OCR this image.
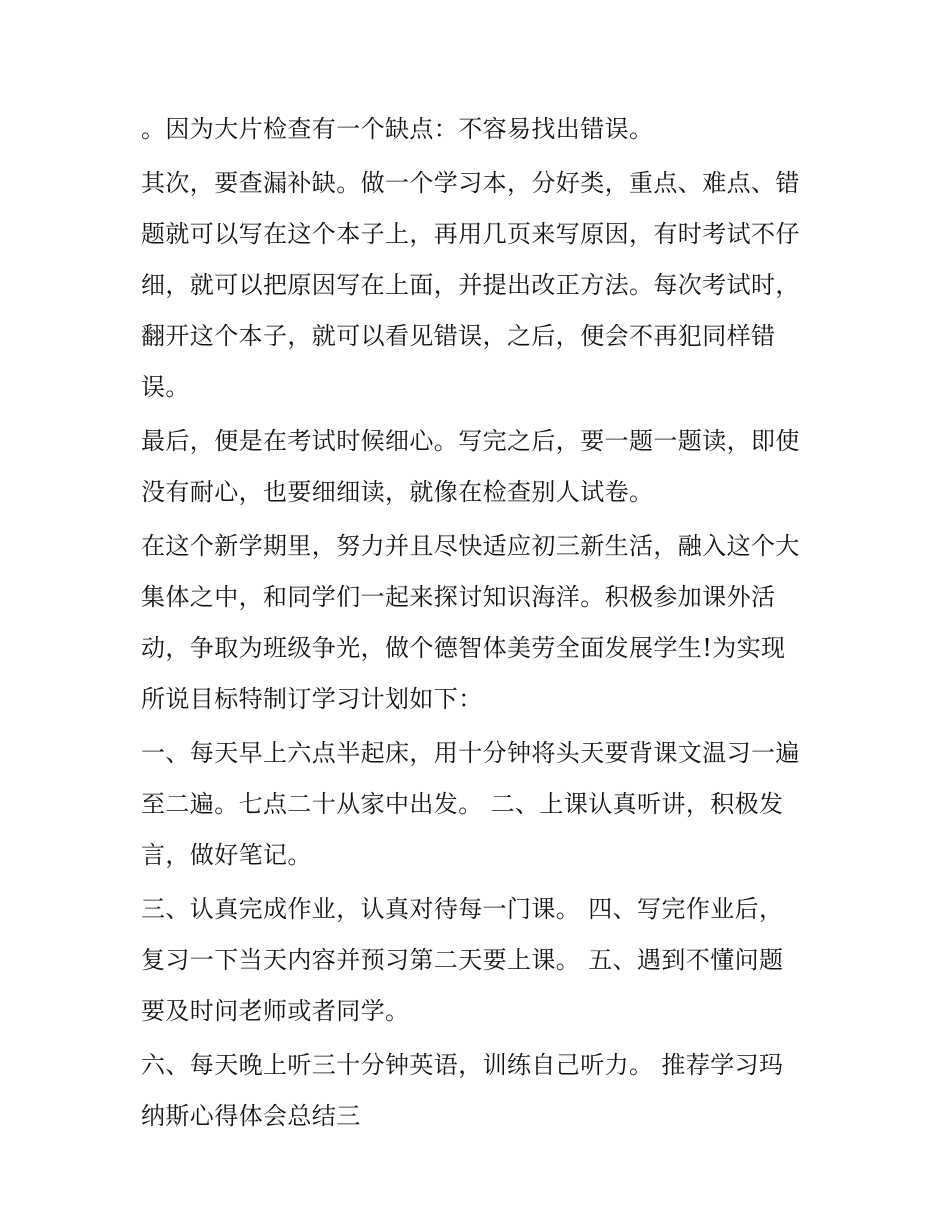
。因为大片检查有一个缺点：不容易找出错误。
其次，要查漏补缺。做一个学习本，分好类，重点、难点、错
题就可以写在这个本子上，再用几页来写原因，有时考试不仔
细，就可以把原因写在上面，并提出改正方法。每次考试时，
翻开这个本子，就可以看见错误，之后，便会不再犯同样错
误。
最后，便是在考试时候细心。写完之后，要一题一题读，即使
没有耐心，也要细细读，就像在检查别人试卷。
在这个新学期里，努力并且尽快适应初三新生活，融入这个大
集体之中，和同学们一起来探讨知识海洋。积极参加课外活
动，争取为班级争光，做个德智体美劳全面发展学生!为实现
所说目标特制订学习计划如下：
一、每天早上六点半起床，用十分钟将头天要背课文温习一遍
至二遍。七点二十从家中出发。 二、上课认真听讲，积极发
言，做好笔记。
三、认真完成作业，认真对待每一门课。 四、写完作业后，
复习一下当天内容并预习第二天要上课。 五、遇到不懂问题
要及时问老师或者同学。
六、每天晚上听三十分钟英语，训练自己听力。 推荐学习玛
纳斯心得体会总结三
